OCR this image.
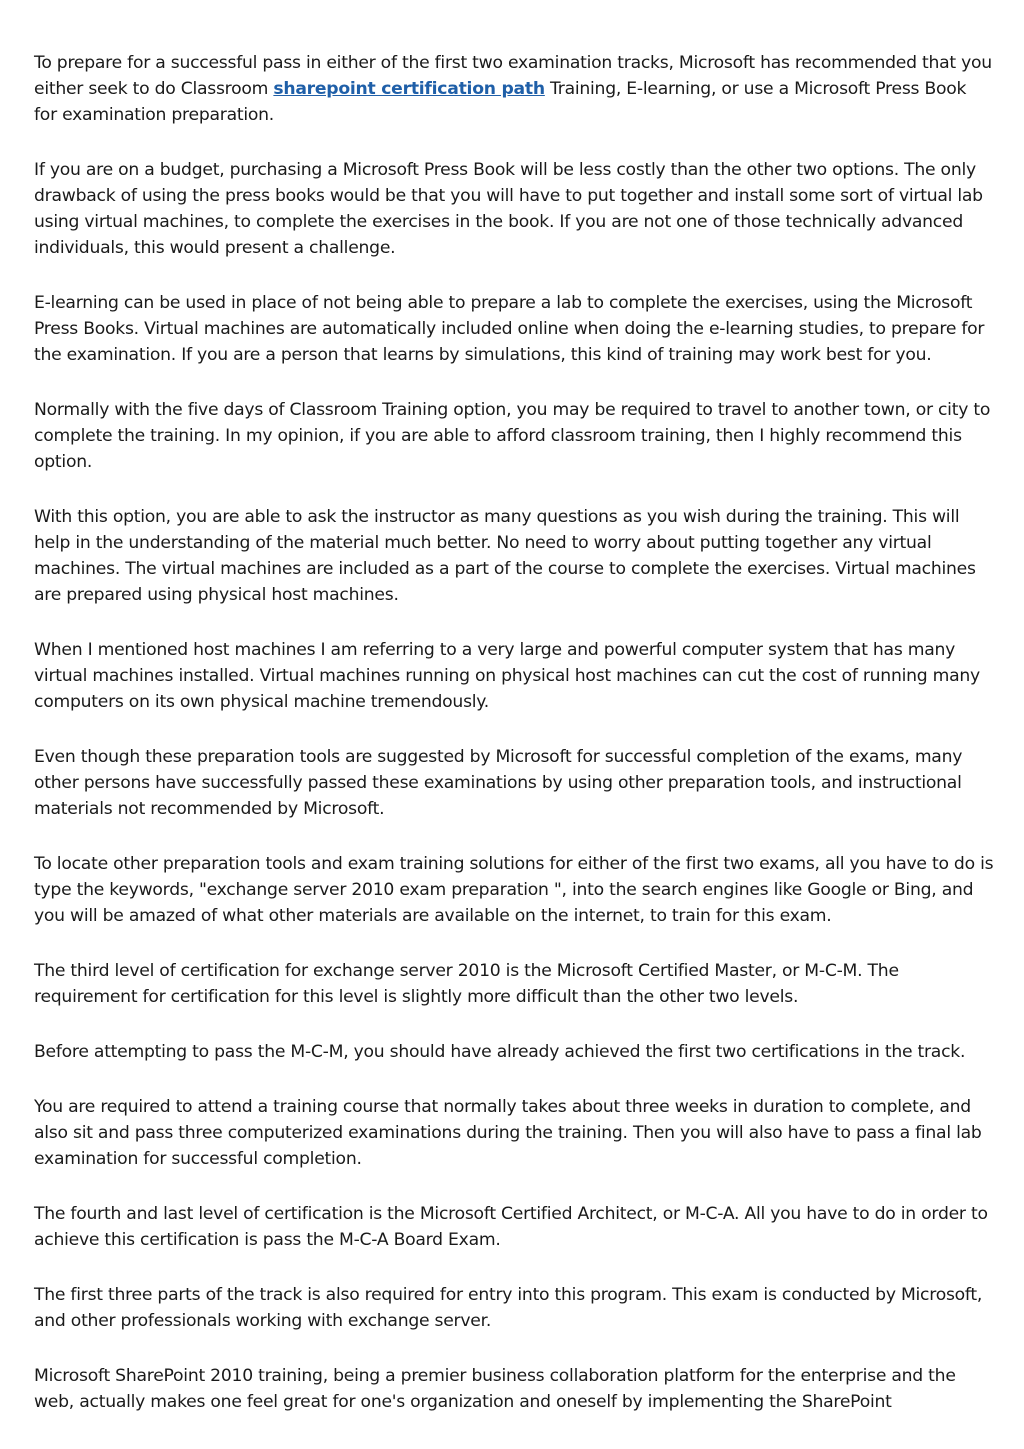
To prepare for a successful pass in either of the first two examination tracks, Microsoft has recommended that you either seek to do Classroom sharepoint certification path Training, E-learning, or use a Microsoft Press Book for examination preparation.

If you are on a budget, purchasing a Microsoft Press Book will be less costly than the other two options. The only drawback of using the press books would be that you will have to put together and install some sort of virtual lab using virtual machines, to complete the exercises in the book. If you are not one of those technically advanced individuals, this would present a challenge.

E-learning can be used in place of not being able to prepare a lab to complete the exercises, using the Microsoft Press Books. Virtual machines are automatically included online when doing the e-learning studies, to prepare for the examination. If you are a person that learns by simulations, this kind of training may work best for you.

Normally with the five days of Classroom Training option, you may be required to travel to another town, or city to complete the training. In my opinion, if you are able to afford classroom training, then I highly recommend this option.

With this option, you are able to ask the instructor as many questions as you wish during the training. This will help in the understanding of the material much better. No need to worry about putting together any virtual machines. The virtual machines are included as a part of the course to complete the exercises. Virtual machines are prepared using physical host machines.

When I mentioned host machines I am referring to a very large and powerful computer system that has many virtual machines installed. Virtual machines running on physical host machines can cut the cost of running many computers on its own physical machine tremendously.

Even though these preparation tools are suggested by Microsoft for successful completion of the exams, many other persons have successfully passed these examinations by using other preparation tools, and instructional materials not recommended by Microsoft.

To locate other preparation tools and exam training solutions for either of the first two exams, all you have to do is type the keywords, "exchange server 2010 exam preparation ", into the search engines like Google or Bing, and you will be amazed of what other materials are available on the internet, to train for this exam.

The third level of certification for exchange server 2010 is the Microsoft Certified Master, or M-C-M. The requirement for certification for this level is slightly more difficult than the other two levels.

Before attempting to pass the M-C-M, you should have already achieved the first two certifications in the track.

You are required to attend a training course that normally takes about three weeks in duration to complete, and also sit and pass three computerized examinations during the training. Then you will also have to pass a final lab examination for successful completion.

The fourth and last level of certification is the Microsoft Certified Architect, or M-C-A. All you have to do in order to achieve this certification is pass the M-C-A Board Exam.

The first three parts of the track is also required for entry into this program. This exam is conducted by Microsoft, and other professionals working with exchange server.

Microsoft SharePoint 2010 training, being a premier business collaboration platform for the enterprise and the web, actually makes one feel great for one's organization and oneself by implementing the SharePoint
